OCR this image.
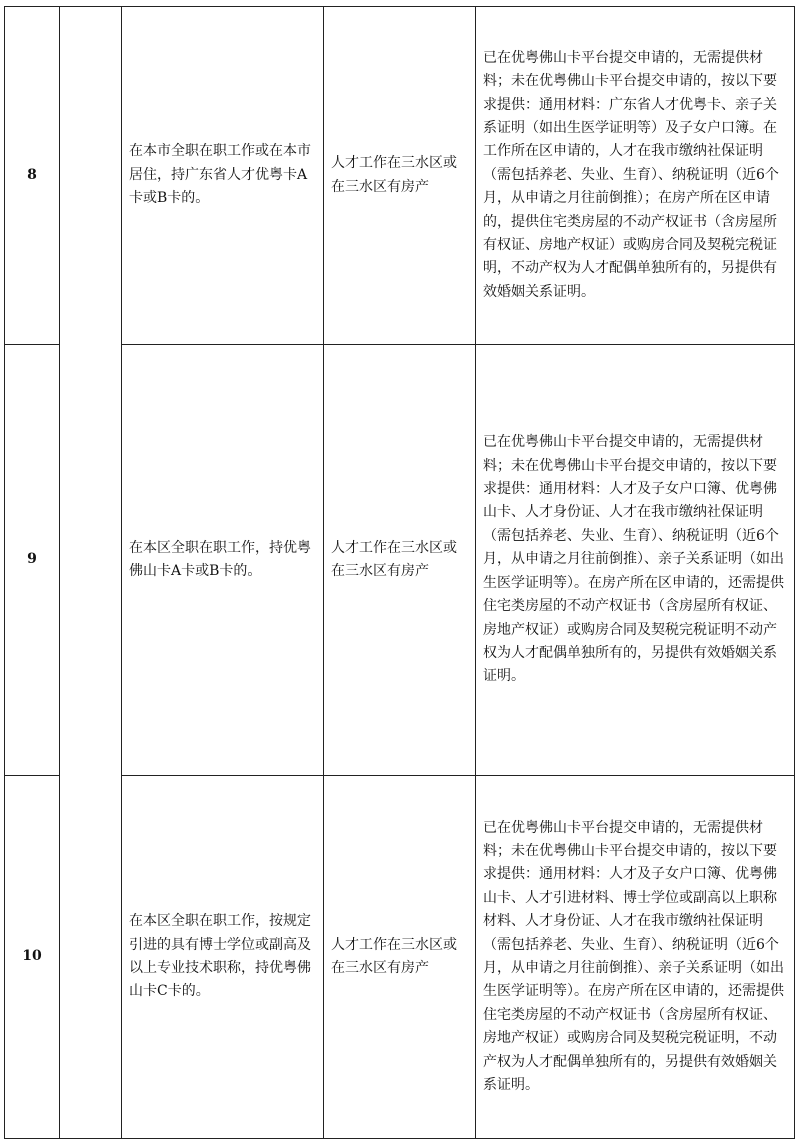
8		在本市全职在职工作或在本市居住，持广东省人才优粤卡A卡或B卡的。	人才工作在三水区或在三水区有房产	已在优粤佛山卡平台提交申请的，无需提供材料；未在优粤佛山卡平台提交申请的，按以下要求提供：通用材料：广东省人才优粤卡、亲子关系证明（如出生医学证明等）及子女户口簿。在工作所在区申请的，人才在我市缴纳社保证明（需包括养老、失业、生育）、纳税证明（近6个月，从申请之月往前倒推）；在房产所在区申请的，提供住宅类房屋的不动产权证书（含房屋所有权证、房地产权证）或购房合同及契税完税证明，不动产权为人才配偶单独所有的，另提供有效婚姻关系证明。
9		在本区全职在职工作，持优粤佛山卡A卡或B卡的。	人才工作在三水区或在三水区有房产	已在优粤佛山卡平台提交申请的，无需提供材料；未在优粤佛山卡平台提交申请的，按以下要求提供：通用材料：人才及子女户口簿、优粤佛山卡、人才身份证、人才在我市缴纳社保证明（需包括养老、失业、生育）、纳税证明（近6个月，从申请之月往前倒推）、亲子关系证明（如出生医学证明等）。在房产所在区申请的，还需提供住宅类房屋的不动产权证书（含房屋所有权证、房地产权证）或购房合同及契税完税证明不动产权为人才配偶单独所有的，另提供有效婚姻关系证明。
10		在本区全职在职工作，按规定引进的具有博士学位或副高及以上专业技术职称，持优粤佛山卡C卡的。	人才工作在三水区或在三水区有房产	已在优粤佛山卡平台提交申请的，无需提供材料；未在优粤佛山卡平台提交申请的，按以下要求提供：通用材料：人才及子女户口簿、优粤佛山卡、人才引进材料、博士学位或副高以上职称材料、人才身份证、人才在我市缴纳社保证明（需包括养老、失业、生育）、纳税证明（近6个月，从申请之月往前倒推）、亲子关系证明（如出生医学证明等）。在房产所在区申请的，还需提供住宅类房屋的不动产权证书（含房屋所有权证、房地产权证）或购房合同及契税完税证明，不动产权为人才配偶单独所有的，另提供有效婚姻关系证明。
